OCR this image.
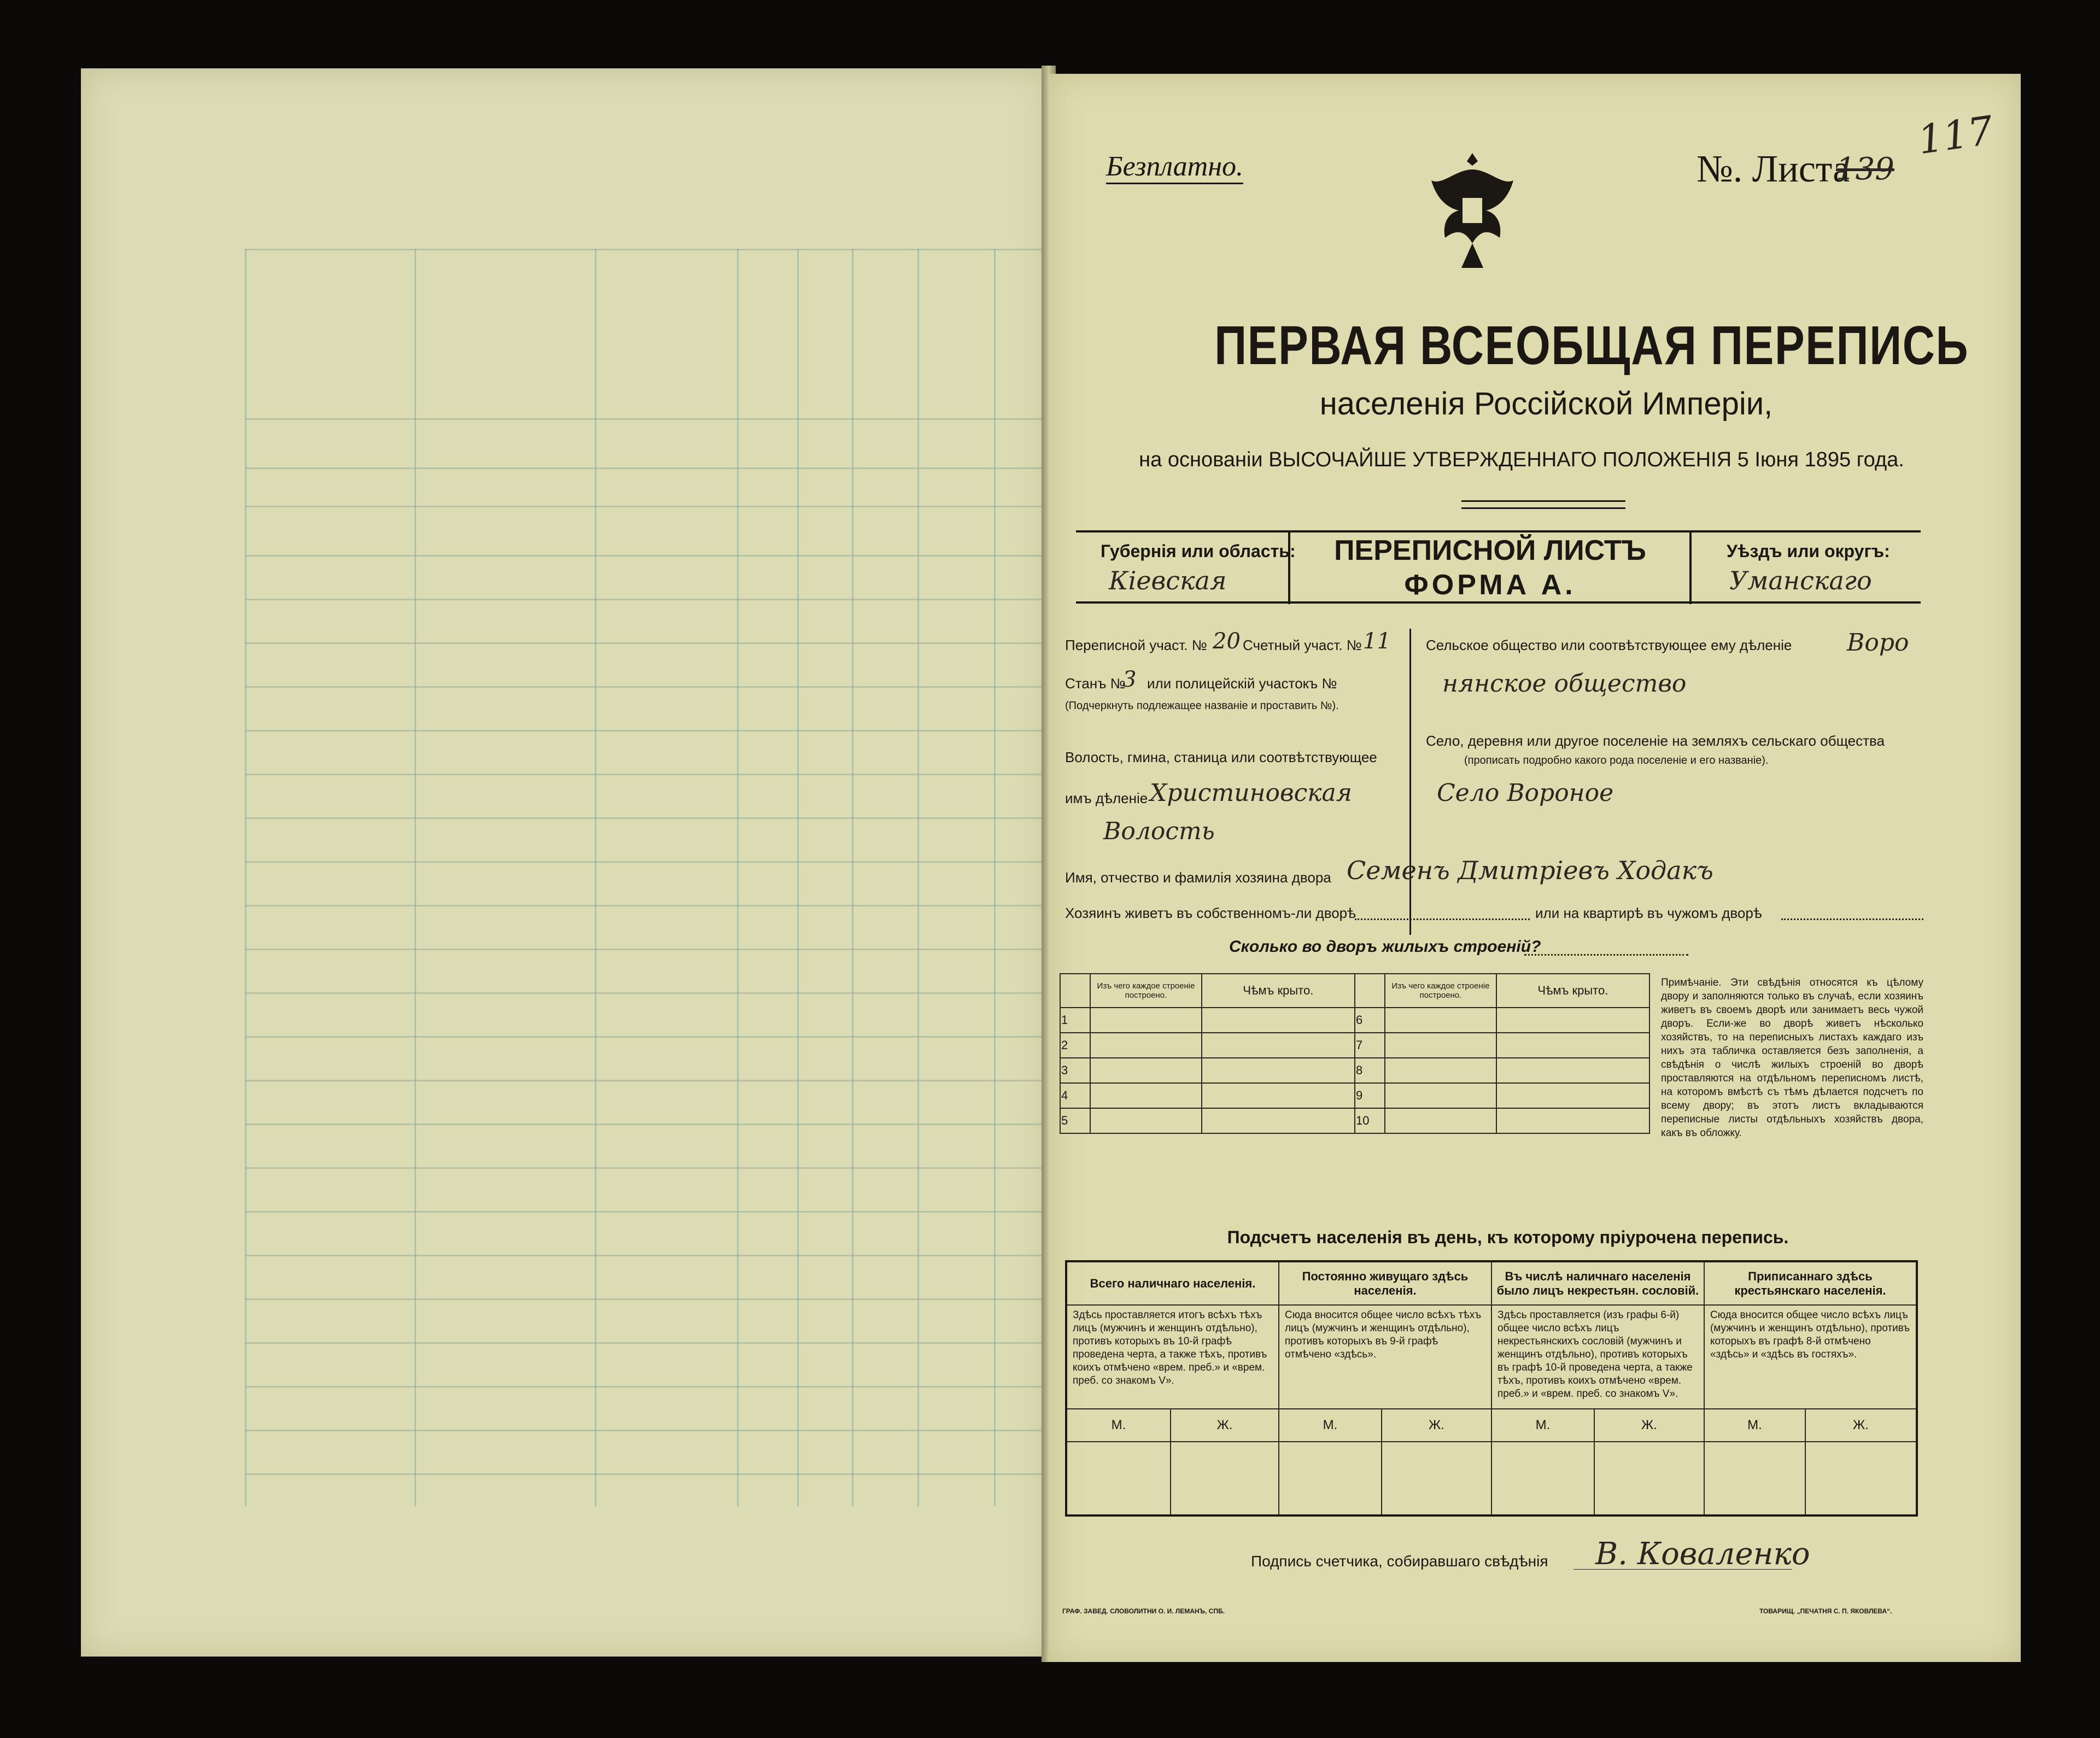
Безплатно.	№. Листа
139
117
ПЕРВАЯ ВСЕОБЩАЯ ПЕРЕПИСЬ
населенія Россійской Имперіи,
на основаніи ВЫСОЧАЙШЕ УТВЕРЖДЕННАГО ПОЛОЖЕНІЯ 5 Іюня 1895 года.
Губернія или область:
Кіевская
ПЕРЕПИСНОЙ ЛИСТЪ
ФОРМА А.
Уѣздъ или округъ:
Уманскаго
Переписной участ. № 20 Счетный участ. № 11
Станъ №
3 или полицейскій участокъ №
(Подчеркнуть подлежащее названіе и проставить №).
Волость, гмина, станица или соотвѣтствующее
имъ дѣленіе Христиновская
Волость
Сельское общество или соотвѣтствующее ему дѣленіе Воро
нянское общество
Село, деревня или другое поселеніе на земляхъ сельскаго общества
(прописать подробно какого рода поселеніе и его названіе).
Село Вороное
Имя, отчество и фамилія хозяина двора Семенъ Дмитріевъ Ходакъ
Хозяинъ живетъ въ собственномъ-ли дворѣ	или на квартирѣ въ чужомъ дворѣ
Сколько во дворъ жилыхъ строеній?
	Изъ чего каждое строеніе построено.	Чѣмъ крыто.		Изъ чего каждое строеніе построено.	Чѣмъ крыто.
1			6		
2			7		
3			8		
4			9		
5			10		
Примѣчаніе. Эти свѣдѣнія относятся къ цѣлому двору и заполняются только въ случаѣ, если хозяинъ живетъ въ своемъ дворѣ или занимаетъ весь чужой дворъ. Если-же во дворѣ живетъ нѣсколько хозяйствъ, то на переписныхъ листахъ каждаго изъ нихъ эта табличка оставляется безъ заполненія, а свѣдѣнія о числѣ жилыхъ строеній во дворѣ проставляются на отдѣльномъ переписномъ листѣ, на которомъ вмѣстѣ съ тѣмъ дѣлается подсчетъ по всему двору; въ этотъ листъ вкладываются переписные листы отдѣльныхъ хозяйствъ двора, какъ въ обложку.
Подсчетъ населенія въ день, къ которому пріурочена перепись.
Всего наличнаго населенія.		Постоянно живущаго здѣсь населенія.		Въ числѣ наличнаго населенія было лицъ некрестьян. сословій.		Приписаннаго здѣсь крестьянскаго населенія.	
Здѣсь проставляется итогъ всѣхъ тѣхъ лицъ (мужчинъ и женщинъ отдѣльно), противъ которыхъ въ 10-й графѣ проведена черта, а также тѣхъ, противъ коихъ отмѣчено «врем. преб.» и «врем. преб. со знакомъ V».		Сюда вносится общее число всѣхъ тѣхъ лицъ (мужчинъ и женщинъ отдѣльно), противъ которыхъ въ 9-й графѣ отмѣчено «здѣсь».		Здѣсь проставляется (изъ графы 6-й) общее число всѣхъ лицъ некрестьянскихъ сословій (мужчинъ и женщинъ отдѣльно), противъ которыхъ въ графѣ 10-й проведена черта, а также тѣхъ, противъ коихъ отмѣчено «врем. преб.» и «врем. преб. со знакомъ V».		Сюда вносится общее число всѣхъ лицъ (мужчинъ и женщинъ отдѣльно), противъ которыхъ въ графѣ 8-й отмѣчено «здѣсь» и «здѣсь въ гостяхъ».	
М.	Ж.	М.	Ж.	М.	Ж.	М.	Ж.

Подпись счетчика, собиравшаго свѣдѣнія В. Коваленко
ГРАФ. ЗАВЕД. СЛОВОЛИТНИ О. И. ЛЕМАНЪ, СПБ.	ТОВАРИЩ. „ПЕЧАТНЯ С. П. ЯКОВЛЕВА“.
